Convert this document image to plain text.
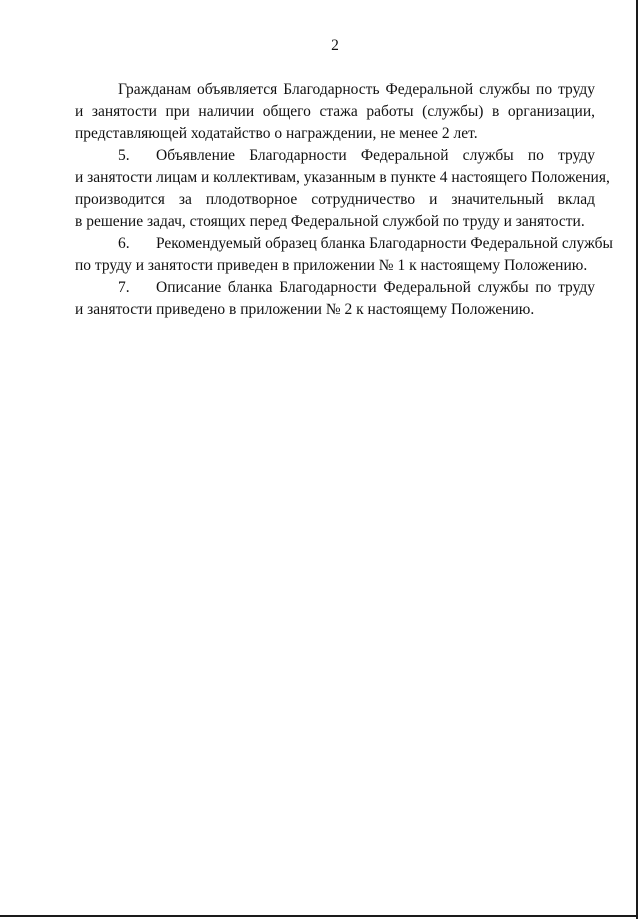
2

Гражданам объявляется Благодарность Федеральной службы по труду
и занятости при наличии общего стажа работы (службы) в организации,
представляющей ходатайство о награждении, не менее 2 лет.

5. Объявление Благодарности Федеральной службы по труду
и занятости лицам и коллективам, указанным в пункте 4 настоящего Положения,
производится за плодотворное сотрудничество и значительный вклад
в решение задач, стоящих перед Федеральной службой по труду и занятости.

6. Рекомендуемый образец бланка Благодарности Федеральной службы
по труду и занятости приведен в приложении № 1 к настоящему Положению.

7. Описание бланка Благодарности Федеральной службы по труду
и занятости приведено в приложении № 2 к настоящему Положению.
